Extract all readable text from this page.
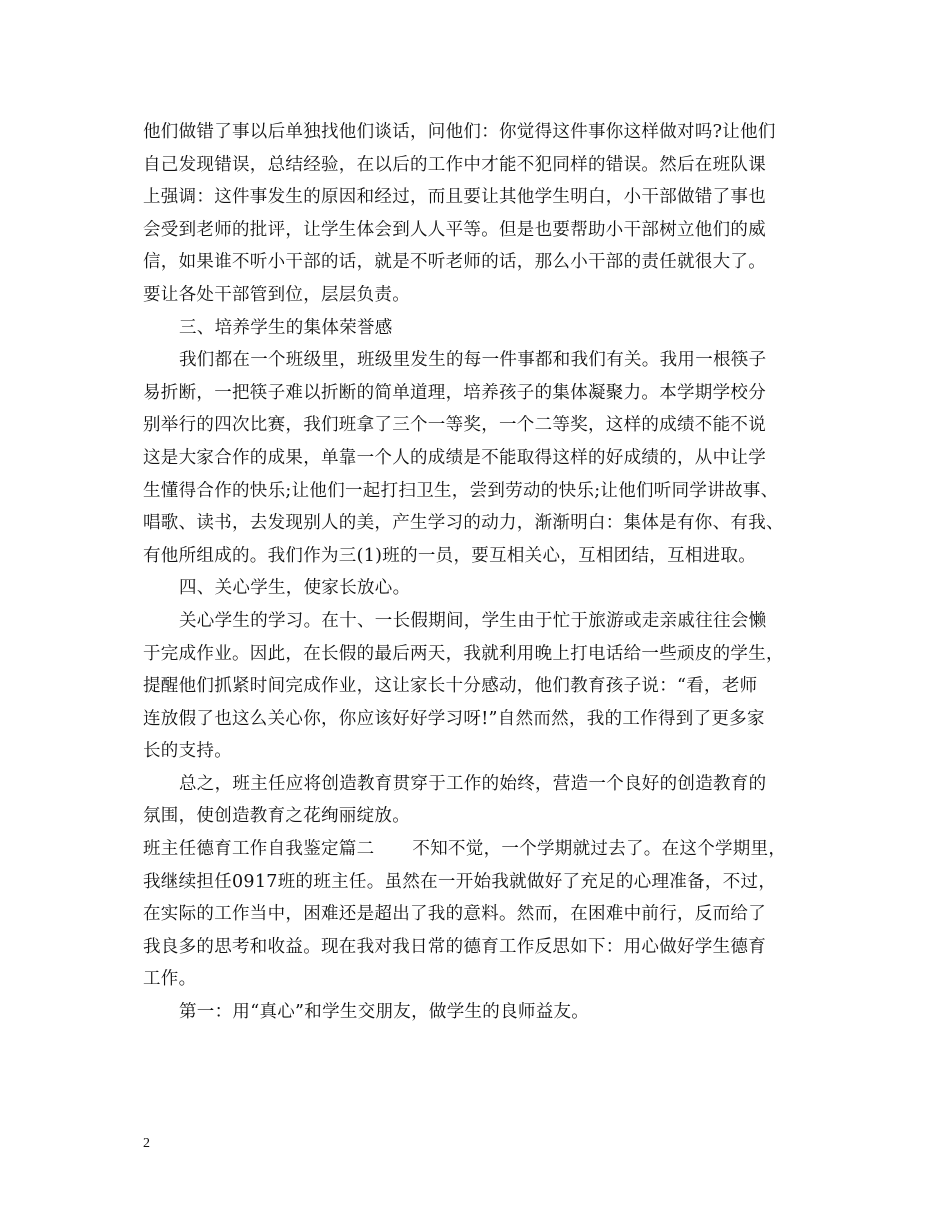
他们做错了事以后单独找他们谈话，问他们：你觉得这件事你这样做对吗?让他们
自己发现错误，总结经验，在以后的工作中才能不犯同样的错误。然后在班队课
上强调：这件事发生的原因和经过，而且要让其他学生明白，小干部做错了事也
会受到老师的批评，让学生体会到人人平等。但是也要帮助小干部树立他们的威
信，如果谁不听小干部的话，就是不听老师的话，那么小干部的责任就很大了。
要让各处干部管到位，层层负责。
三、培养学生的集体荣誉感
我们都在一个班级里，班级里发生的每一件事都和我们有关。我用一根筷子
易折断，一把筷子难以折断的简单道理，培养孩子的集体凝聚力。本学期学校分
别举行的四次比赛，我们班拿了三个一等奖，一个二等奖，这样的成绩不能不说
这是大家合作的成果，单靠一个人的成绩是不能取得这样的好成绩的，从中让学
生懂得合作的快乐;让他们一起打扫卫生，尝到劳动的快乐;让他们听同学讲故事、
唱歌、读书，去发现别人的美，产生学习的动力，渐渐明白：集体是有你、有我、
有他所组成的。我们作为三(1)班的一员，要互相关心，互相团结，互相进取。
四、关心学生，使家长放心。
关心学生的学习。在十、一长假期间，学生由于忙于旅游或走亲戚往往会懒
于完成作业。因此，在长假的最后两天，我就利用晚上打电话给一些顽皮的学生，
提醒他们抓紧时间完成作业，这让家长十分感动，他们教育孩子说：“看，老师
连放假了也这么关心你，你应该好好学习呀!”自然而然，我的工作得到了更多家
长的支持。
总之，班主任应将创造教育贯穿于工作的始终，营造一个良好的创造教育的
氛围，使创造教育之花绚丽绽放。
班主任德育工作自我鉴定篇二 不知不觉，一个学期就过去了。在这个学期里，
我继续担任0917班的班主任。虽然在一开始我就做好了充足的心理准备，不过，
在实际的工作当中，困难还是超出了我的意料。然而，在困难中前行，反而给了
我良多的思考和收益。现在我对我日常的德育工作反思如下：用心做好学生德育
工作。
第一：用“真心”和学生交朋友，做学生的良师益友。
2
